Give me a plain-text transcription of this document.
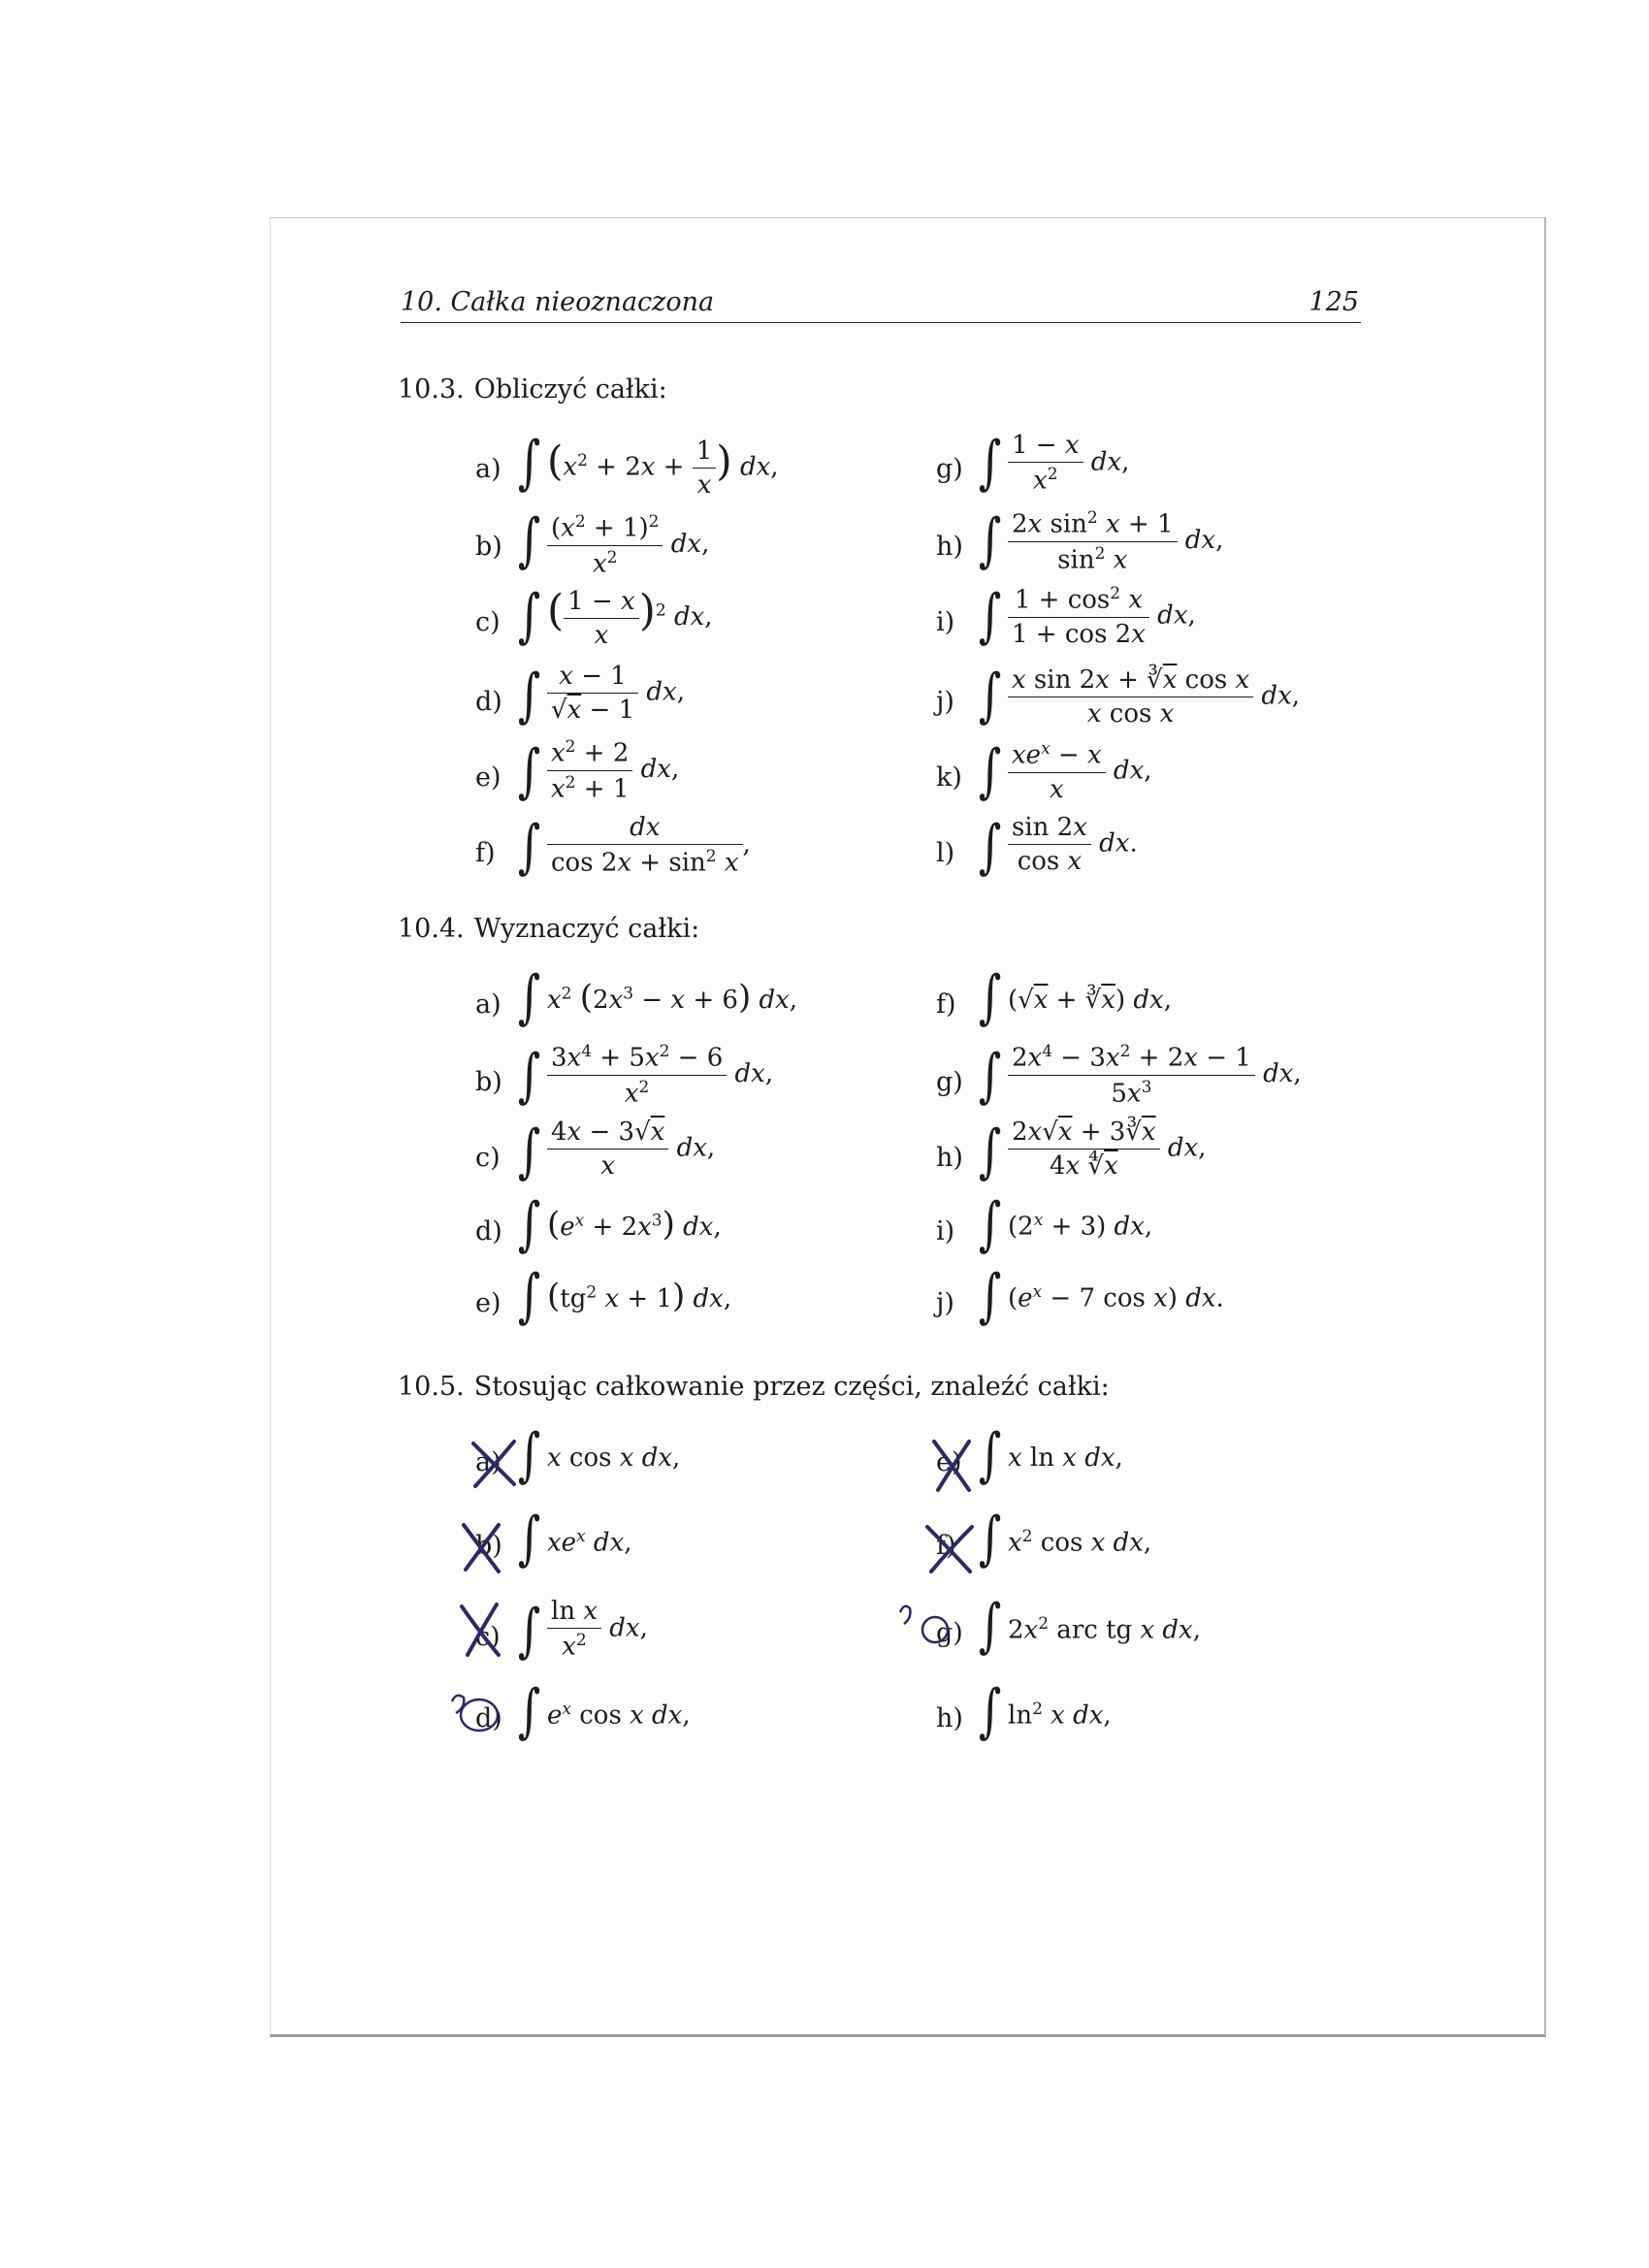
10. Całka nieoznaczona	125
10.3. Obliczyć całki:
a) ∫ ($x^2 + 2x + \frac{1}{x}$ ) dx,
b) ∫ $\frac{(x^2 + 1)^2}{x^2}$ dx,
c) ∫ ( $\frac{1 - x}{x} )^2$ dx,
d) ∫ $\frac{x - 1}{√x - 1}$ dx,
e) ∫ $\frac{x^2 + 2}{x^2 + 1}$ dx,
f) ∫ $\frac{dx}{\cos 2x + \sin^2 x}$ ,
g) ∫ $\frac{1 - x}{x^2}$ dx,
h) ∫ $\frac{2x \sin^2 x + 1}{\sin^2 x}$ dx,
i) ∫ $\frac{1 + \cos^2 x}{1 + \cos 2x}$ dx,
j) ∫ $\frac{x \sin 2x + ∛\overline{x} \cos x}{\text{x cos x}}$ dx,
k) ∫ $\frac{xe^x - x}{x}$ dx,
l) ∫ $\frac{\sin 2x}{\text{cos x}}$ dx.
10.4. Wyznaczyć całki:
a) ∫ $x^2$ $(2x^3 - x + 6)$ dx,
b) ∫ $\frac{3x^4 + 5x^2 - 6}{x^2}$ dx,
c) ∫ $\frac{4x - 3√x}{x}$ dx,
d) ∫ $(e^x + 2x^3)$ dx,
e) ∫ ($tg^2$ x + 1) dx,
f) ∫ $(√x + ∛\overline{x})$ dx,
g) ∫ $\frac{2x^4 - 3x^2 + 2x - 1}{5x^3}$ dx,
h) ∫ $\frac{2x√x + 3∛\overline{x}}{4x ∜\overline{x}}$ dx,
i) ∫ $(2^x + 3)$ dx,
j) ∫ ($e^x - 7$ cos x) dx.
10.5. Stosując całkowanie przez części, znaleźć całki:
a) ∫ x cos x dx,
b) ∫ $xe^x$ dx,
c) ∫ $\frac{\text{ln x}}{x^2}$ dx,
d) ∫ $e^x$ cos x dx,
e) ∫ x ln x dx,
f) ∫ $x^2$ cos x dx,
g) ∫ $2x^2$ arc tg x dx,
h) ∫ $\ln^2 x$ dx,
